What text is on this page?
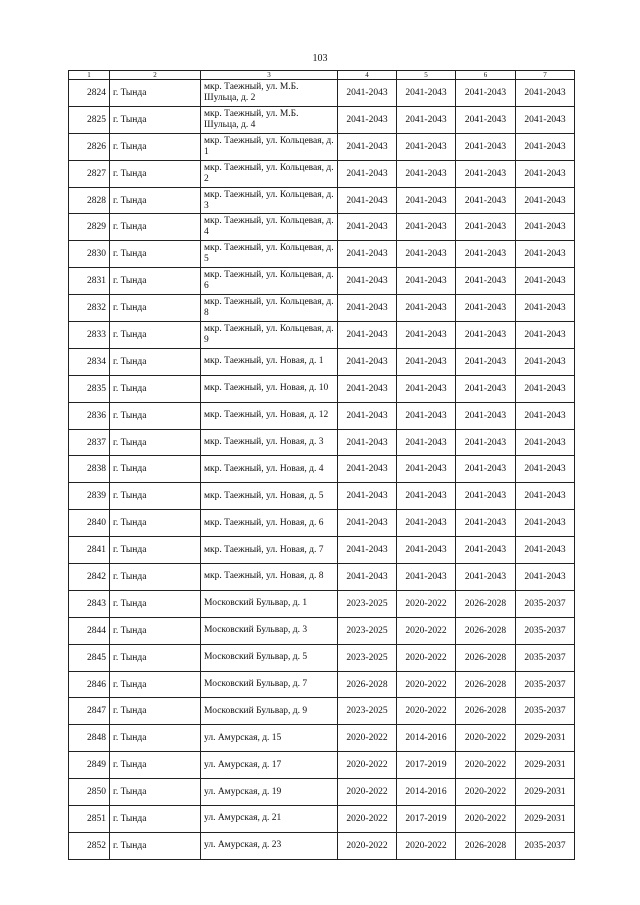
103
1	2	3	4	5	6	7
2824	г. Тында	мкр. Таежный, ул. М.Б. Шульца, д. 2	2041-2043	2041-2043	2041-2043	2041-2043
2825	г. Тында	мкр. Таежный, ул. М.Б. Шульца, д. 4	2041-2043	2041-2043	2041-2043	2041-2043
2826	г. Тында	мкр. Таежный, ул. Кольцевая, д. 1	2041-2043	2041-2043	2041-2043	2041-2043
2827	г. Тында	мкр. Таежный, ул. Кольцевая, д. 2	2041-2043	2041-2043	2041-2043	2041-2043
2828	г. Тында	мкр. Таежный, ул. Кольцевая, д. 3	2041-2043	2041-2043	2041-2043	2041-2043
2829	г. Тында	мкр. Таежный, ул. Кольцевая, д. 4	2041-2043	2041-2043	2041-2043	2041-2043
2830	г. Тында	мкр. Таежный, ул. Кольцевая, д. 5	2041-2043	2041-2043	2041-2043	2041-2043
2831	г. Тында	мкр. Таежный, ул. Кольцевая, д. 6	2041-2043	2041-2043	2041-2043	2041-2043
2832	г. Тында	мкр. Таежный, ул. Кольцевая, д. 8	2041-2043	2041-2043	2041-2043	2041-2043
2833	г. Тында	мкр. Таежный, ул. Кольцевая, д. 9	2041-2043	2041-2043	2041-2043	2041-2043
2834	г. Тында	мкр. Таежный, ул. Новая, д. 1	2041-2043	2041-2043	2041-2043	2041-2043
2835	г. Тында	мкр. Таежный, ул. Новая, д. 10	2041-2043	2041-2043	2041-2043	2041-2043
2836	г. Тында	мкр. Таежный, ул. Новая, д. 12	2041-2043	2041-2043	2041-2043	2041-2043
2837	г. Тында	мкр. Таежный, ул. Новая, д. 3	2041-2043	2041-2043	2041-2043	2041-2043
2838	г. Тында	мкр. Таежный, ул. Новая, д. 4	2041-2043	2041-2043	2041-2043	2041-2043
2839	г. Тында	мкр. Таежный, ул. Новая, д. 5	2041-2043	2041-2043	2041-2043	2041-2043
2840	г. Тында	мкр. Таежный, ул. Новая, д. 6	2041-2043	2041-2043	2041-2043	2041-2043
2841	г. Тында	мкр. Таежный, ул. Новая, д. 7	2041-2043	2041-2043	2041-2043	2041-2043
2842	г. Тында	мкр. Таежный, ул. Новая, д. 8	2041-2043	2041-2043	2041-2043	2041-2043
2843	г. Тында	Московский Бульвар, д. 1	2023-2025	2020-2022	2026-2028	2035-2037
2844	г. Тында	Московский Бульвар, д. 3	2023-2025	2020-2022	2026-2028	2035-2037
2845	г. Тында	Московский Бульвар, д. 5	2023-2025	2020-2022	2026-2028	2035-2037
2846	г. Тында	Московский Бульвар, д. 7	2026-2028	2020-2022	2026-2028	2035-2037
2847	г. Тында	Московский Бульвар, д. 9	2023-2025	2020-2022	2026-2028	2035-2037
2848	г. Тында	ул. Амурская, д. 15	2020-2022	2014-2016	2020-2022	2029-2031
2849	г. Тында	ул. Амурская, д. 17	2020-2022	2017-2019	2020-2022	2029-2031
2850	г. Тында	ул. Амурская, д. 19	2020-2022	2014-2016	2020-2022	2029-2031
2851	г. Тында	ул. Амурская, д. 21	2020-2022	2017-2019	2020-2022	2029-2031
2852	г. Тында	ул. Амурская, д. 23	2020-2022	2020-2022	2026-2028	2035-2037
